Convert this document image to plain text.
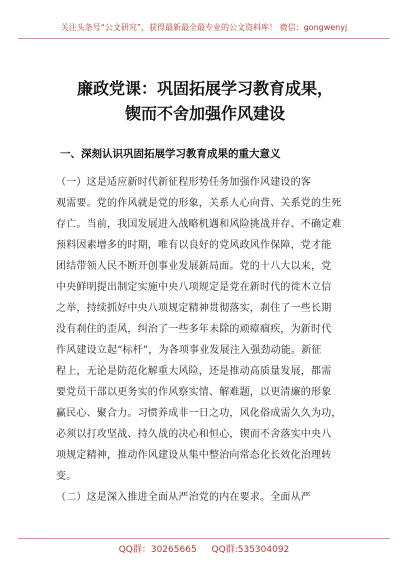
关注头条号“公文研究”，获得最新最全最专业的公文资料库！ 微信：gongwenyj
廉政党课：巩固拓展学习教育成果，
锲而不舍加强作风建设
一、深刻认识巩固拓展学习教育成果的重大意义
（一）这是适应新时代新征程形势任务加强作风建设的客
观需要。党的作风就是党的形象，关系人心向背、关系党的生死
存亡。当前，我国发展进入战略机遇和风险挑战并存、不确定难
预料因素增多的时期，唯有以良好的党风政风作保障，党才能
团结带领人民不断开创事业发展新局面。党的十八大以来，党
中央鲜明提出制定实施中央八项规定是党在新时代的徙木立信
之举，持续抓好中央八项规定精神贯彻落实，刹住了一些长期
没有刹住的歪风，纠治了一些多年未除的顽瘴痼疾，为新时代
作风建设立起“标杆”，为各项事业发展注入强劲动能。新征
程上，无论是防范化解重大风险，还是推动高质量发展，都需
要党员干部以更务实的作风察实情、解难题，以更清廉的形象
赢民心、聚合力。习惯养成非一日之功，风化俗成需久久为功，
必须以打攻坚战、持久战的决心和恒心，锲而不舍落实中央八
项规定精神，推动作风建设从集中整治向常态化长效化治理转
变。
（二）这是深入推进全面从严治党的内在要求。全面从严
QQ群：30265665 QQ群:535304092
